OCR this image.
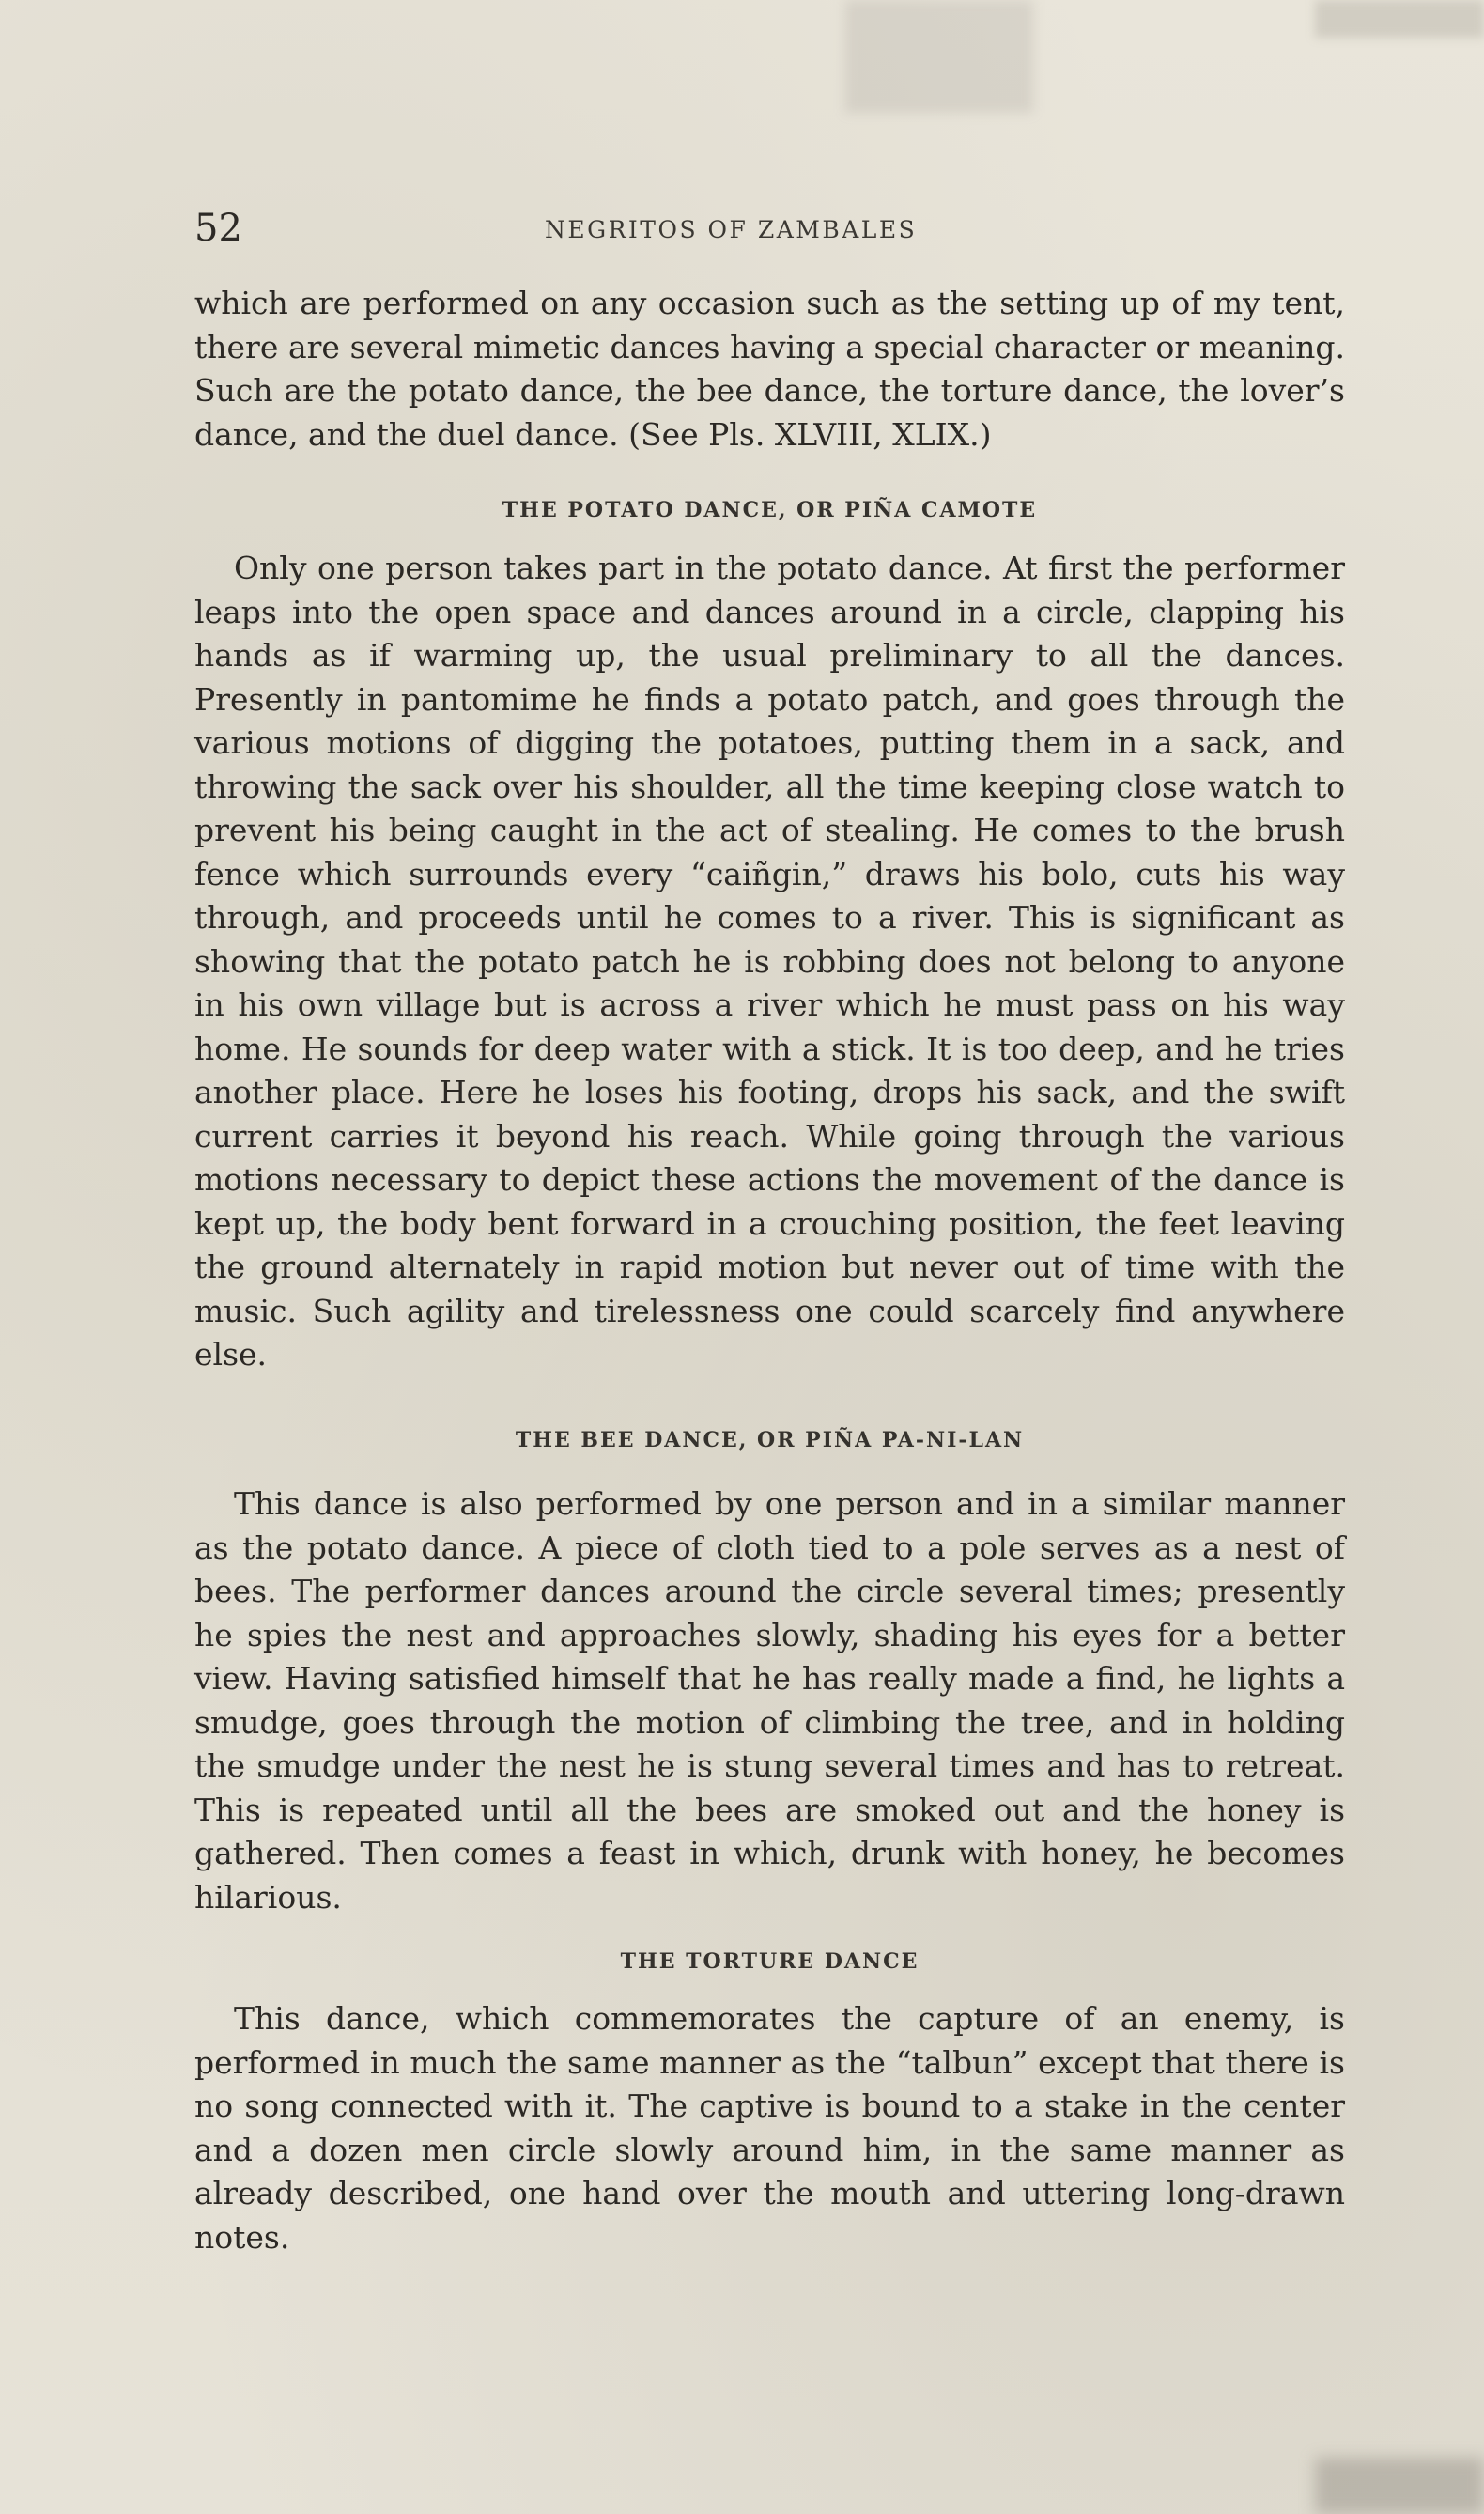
52	NEGRITOS OF ZAMBALES

which are performed on any occasion such as the setting up of my tent, there are several mimetic dances having a special character or meaning. Such are the potato dance, the bee dance, the torture dance, the lover’s dance, and the duel dance. (See Pls. XLVIII, XLIX.)

THE POTATO DANCE, OR PIÑA CAMOTE

Only one person takes part in the potato dance. At first the performer leaps into the open space and dances around in a circle, clapping his hands as if warming up, the usual preliminary to all the dances. Presently in pantomime he finds a potato patch, and goes through the various motions of digging the potatoes, putting them in a sack, and throwing the sack over his shoulder, all the time keeping close watch to prevent his being caught in the act of stealing. He comes to the brush fence which surrounds every “caiñgin,” draws his bolo, cuts his way through, and proceeds until he comes to a river. This is significant as showing that the potato patch he is robbing does not belong to anyone in his own village but is across a river which he must pass on his way home. He sounds for deep water with a stick. It is too deep, and he tries another place. Here he loses his footing, drops his sack, and the swift current carries it beyond his reach. While going through the various motions necessary to depict these actions the movement of the dance is kept up, the body bent forward in a crouching position, the feet leaving the ground alternately in rapid motion but never out of time with the music. Such agility and tirelessness one could scarcely find anywhere else.

THE BEE DANCE, OR PIÑA PA-NI-LAN

This dance is also performed by one person and in a similar manner as the potato dance. A piece of cloth tied to a pole serves as a nest of bees. The performer dances around the circle several times; presently he spies the nest and approaches slowly, shading his eyes for a better view. Having satisfied himself that he has really made a find, he lights a smudge, goes through the motion of climbing the tree, and in holding the smudge under the nest he is stung several times and has to retreat. This is repeated until all the bees are smoked out and the honey is gathered. Then comes a feast in which, drunk with honey, he becomes hilarious.

THE TORTURE DANCE

This dance, which commemorates the capture of an enemy, is performed in much the same manner as the “talbun” except that there is no song connected with it. The captive is bound to a stake in the center and a dozen men circle slowly around him, in the same manner as already described, one hand over the mouth and uttering long-drawn notes.
